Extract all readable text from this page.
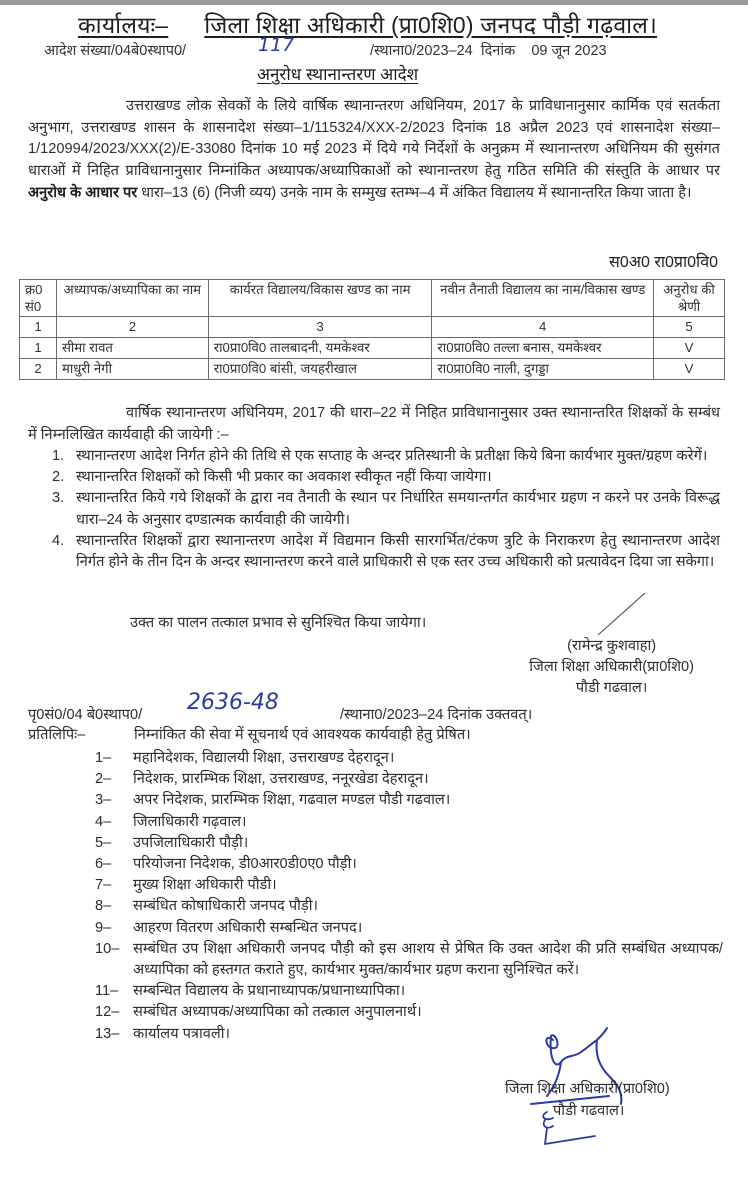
कार्यालयः– जिला शिक्षा अधिकारी (प्रा0शि0) जनपद पौड़ी गढ़वाल।
आदेश संख्या/04बे0स्थाप0/	117	/स्थाना0/2023–24 दिनांक 09 जून 2023
अनुरोध स्थानान्तरण आदेश

उत्तराखण्ड लोक सेवकों के लिये वार्षिक स्थानान्तरण अधिनियम, 2017 के प्राविधानानुसार कार्मिक एवं सतर्कता अनुभाग, उत्तराखण्ड शासन के शासनादेश संख्या–1/115324/XXX-2/2023 दिनांक 18 अप्रैल 2023 एवं शासनादेश संख्या–1/120994/2023/XXX(2)/E-33080 दिनांक 10 मई 2023 में दिये गये निर्देशों के अनुक्रम में स्थानान्तरण अधिनियम की सुसंगत धाराओं में निहित प्राविधानानुसार निम्नांकित अध्यापक/अध्यापिकाओं को स्थानान्तरण हेतु गठित समिति की संस्तुति के आधार पर अनुरोध के आधार पर धारा–13 (6) (निजी व्यय) उनके नाम के सम्मुख स्तम्भ–4 में अंकित विद्यालय में स्थानान्तरित किया जाता है।

स0अ0 रा0प्रा0वि0
क्र0 सं0	अध्यापक/अध्यापिका का नाम	कार्यरत विद्यालय/विकास खण्ड का नाम	नवीन तैनाती विद्यालय का नाम/विकास खण्ड	अनुरोध की श्रेणी
1	2	3	4	5
1	सीमा रावत	रा0प्रा0वि0 तालबादनी, यमकेश्वर	रा0प्रा0वि0 तल्ला बनास, यमकेश्वर	V
2	माधुरी नेगी	रा0प्रा0वि0 बांसी, जयहरीखाल	रा0प्रा0वि0 नाली, दुगड्डा	V

वार्षिक स्थानान्तरण अधिनियम, 2017 की धारा–22 में निहित प्राविधानानुसार उक्त स्थानान्तरित शिक्षकों के सम्बंध में निम्नलिखित कार्यवाही की जायेगी :–

1. स्थानान्तरण आदेश निर्गत होने की तिथि से एक सप्ताह के अन्दर प्रतिस्थानी के प्रतीक्षा किये बिना कार्यभार मुक्त/ग्रहण करेगें।
2. स्थानान्तरित शिक्षकों को किसी भी प्रकार का अवकाश स्वीकृत नहीं किया जायेगा।
3. स्थानान्तरित किये गये शिक्षकों के द्वारा नव तैनाती के स्थान पर निर्धारित समयान्तर्गत कार्यभार ग्रहण न करने पर उनके विरूद्ध धारा–24 के अनुसार दण्डात्मक कार्यवाही की जायेगी।
4. स्थानान्तरित शिक्षकों द्वारा स्थानान्तरण आदेश में विद्यमान किसी सारगर्भित/टंकण त्रुटि के निराकरण हेतु स्थानान्तरण आदेश निर्गत होने के तीन दिन के अन्दर स्थानान्तरण करने वाले प्राधिकारी से एक स्तर उच्च अधिकारी को प्रत्यावेदन दिया जा सकेगा।
उक्त का पालन तत्काल प्रभाव से सुनिश्चित किया जायेगा।
(रामेन्द्र कुशवाहा)
जिला शिक्षा अधिकारी(प्रा0शि0)
पौडी गढवाल।
पृ0सं0/04 बे0स्थाप0/ 2636-48	/स्थाना0/2023–24 दिनांक उक्तवत्।
प्रतिलिपिः–	निम्नांकित की सेवा में सूचनार्थ एवं आवश्यक कार्यवाही हेतु प्रेषित।
1– महानिदेशक, विद्यालयी शिक्षा, उत्तराखण्ड देहरादून।
2– निदेशक, प्रारम्भिक शिक्षा, उत्तराखण्ड, ननूरखेडा देहरादून।
3– अपर निदेशक, प्रारम्भिक शिक्षा, गढवाल मण्डल पौडी गढवाल।
4– जिलाधिकारी गढ़वाल।
5– उपजिलाधिकारी पौड़ी।
6– परियोजना निदेशक, डी0आर0डी0ए0 पौड़ी।
7– मुख्य शिक्षा अधिकारी पौडी।
8– सम्बंधित कोषाधिकारी जनपद पौड़ी।
9– आहरण वितरण अधिकारी सम्बन्धित जनपद।
10– सम्बंधित उप शिक्षा अधिकारी जनपद पौड़ी को इस आशय से प्रेषित कि उक्त आदेश की प्रति सम्बंधित अध्यापक/अध्यापिका को हस्तगत कराते हुए, कार्यभार मुक्त/कार्यभार ग्रहण कराना सुनिश्चित करें।
11– सम्बन्धित विद्यालय के प्रधानाध्यापक/प्रधानाध्यापिका।
12– सम्बंधित अध्यापक/अध्यापिका को तत्काल अनुपालनार्थ।
13– कार्यालय पत्रावली।
जिला शिक्षा अधिकारी(प्रा0शि0)
पौडी गढवाल।
